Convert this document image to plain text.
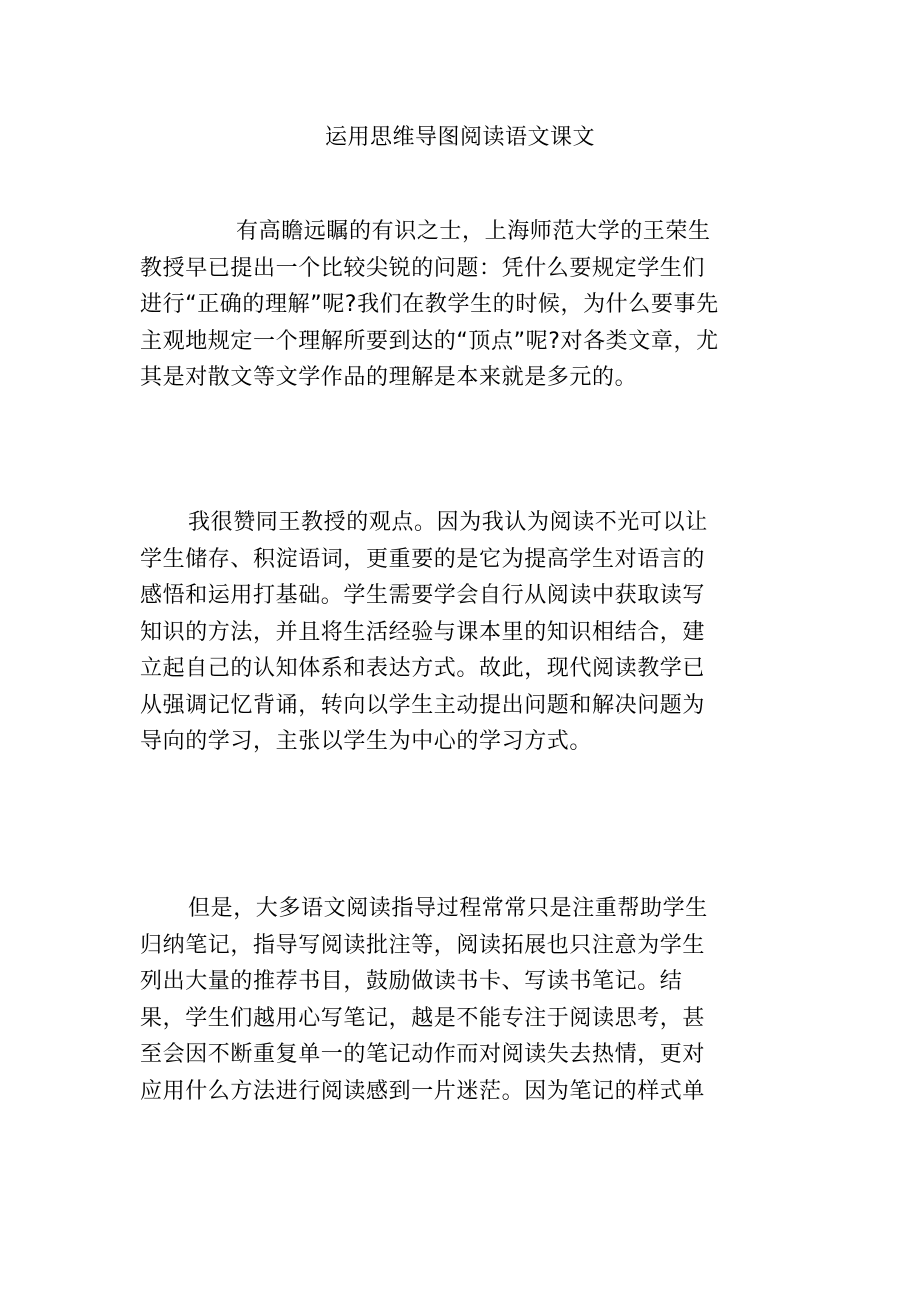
运用思维导图阅读语文课文
有高瞻远瞩的有识之士，上海师范大学的王荣生
教授早已提出一个比较尖锐的问题：凭什么要规定学生们
进行“正确的理解”呢?我们在教学生的时候，为什么要事先
主观地规定一个理解所要到达的“顶点”呢?对各类文章，尤
其是对散文等文学作品的理解是本来就是多元的。
我很赞同王教授的观点。因为我认为阅读不光可以让
学生储存、积淀语词，更重要的是它为提高学生对语言的
感悟和运用打基础。学生需要学会自行从阅读中获取读写
知识的方法，并且将生活经验与课本里的知识相结合，建
立起自己的认知体系和表达方式。故此，现代阅读教学已
从强调记忆背诵，转向以学生主动提出问题和解决问题为
导向的学习，主张以学生为中心的学习方式。
但是，大多语文阅读指导过程常常只是注重帮助学生
归纳笔记，指导写阅读批注等，阅读拓展也只注意为学生
列出大量的推荐书目，鼓励做读书卡、写读书笔记。结
果，学生们越用心写笔记，越是不能专注于阅读思考，甚
至会因不断重复单一的笔记动作而对阅读失去热情，更对
应用什么方法进行阅读感到一片迷茫。因为笔记的样式单
